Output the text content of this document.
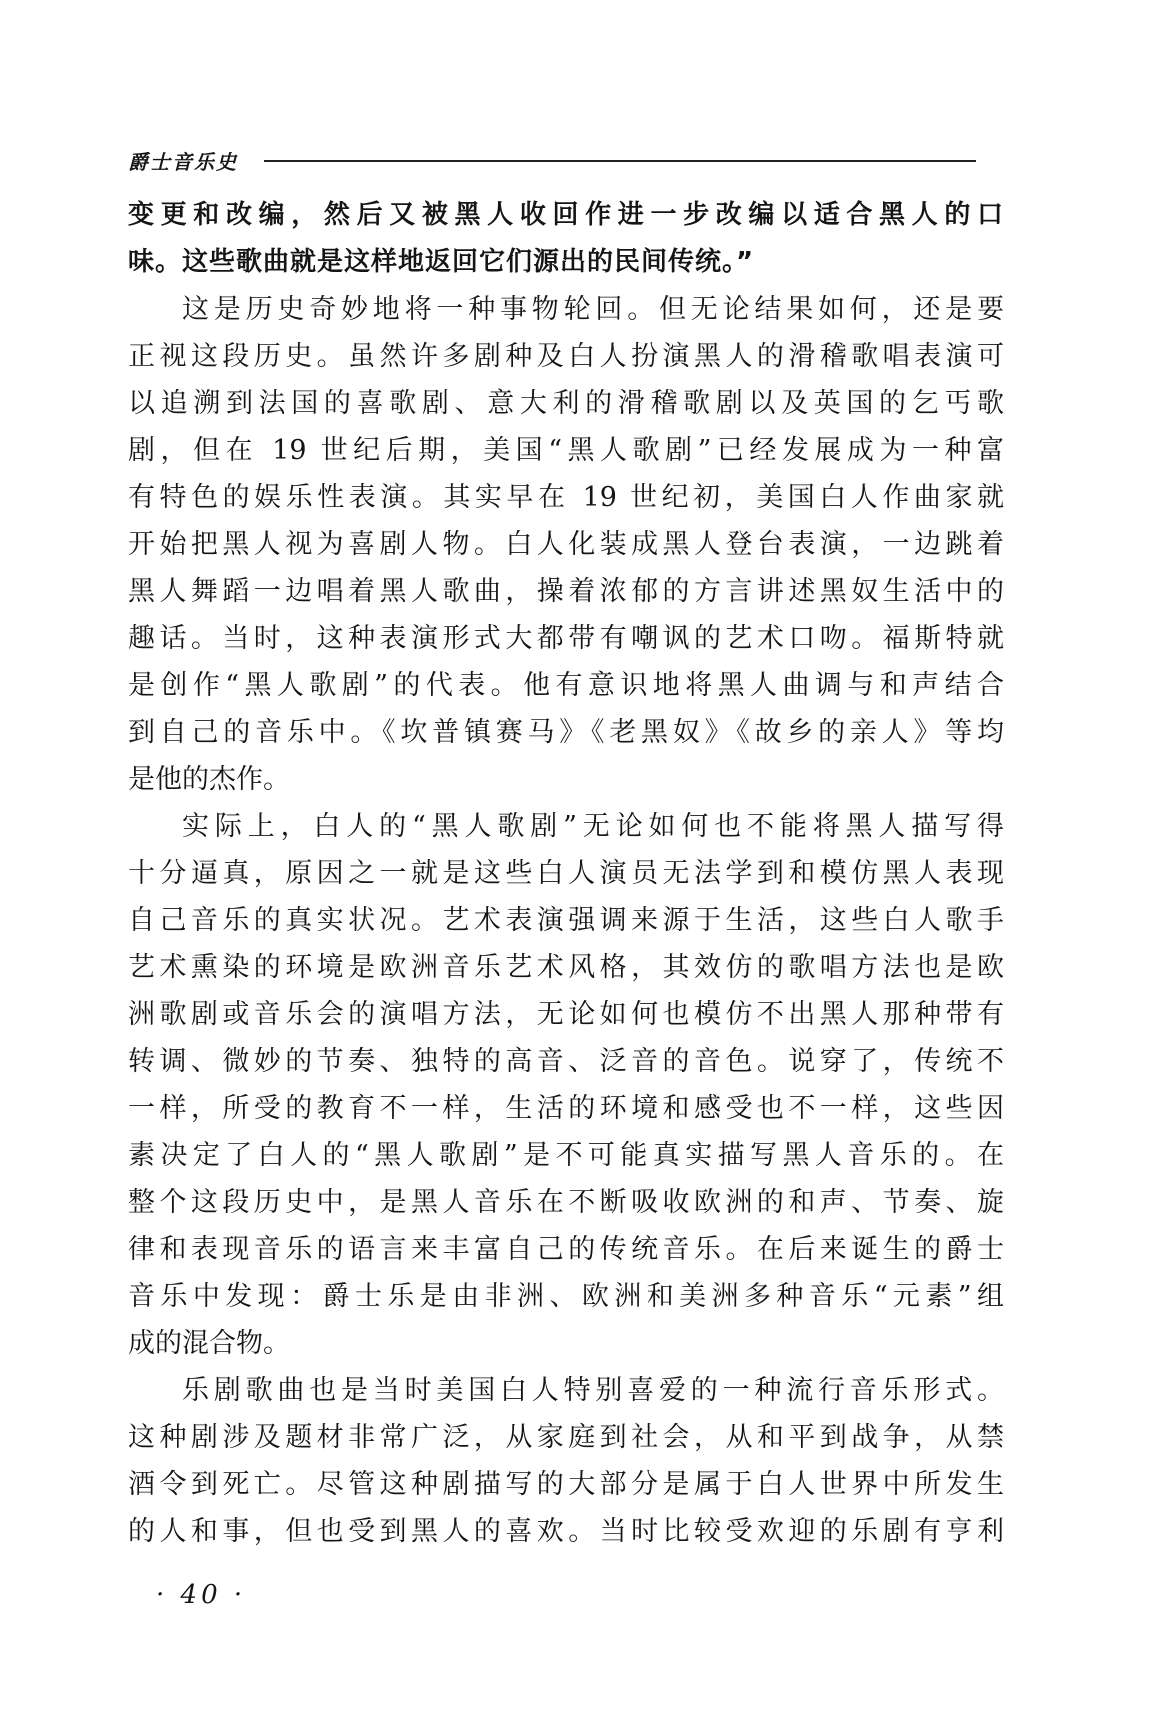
爵士音乐史
变更和改编，然后又被黑人收回作进一步改编以适合黑人的口
味。这些歌曲就是这样地返回它们源出的民间传统。”
这是历史奇妙地将一种事物轮回。但无论结果如何，还是要
正视这段历史。虽然许多剧种及白人扮演黑人的滑稽歌唱表演可
以追溯到法国的喜歌剧、意大利的滑稽歌剧以及英国的乞丐歌
剧，但在 19 世纪后期，美国“黑人歌剧”已经发展成为一种富
有特色的娱乐性表演。其实早在 19 世纪初，美国白人作曲家就
开始把黑人视为喜剧人物。白人化装成黑人登台表演，一边跳着
黑人舞蹈一边唱着黑人歌曲，操着浓郁的方言讲述黑奴生活中的
趣话。当时，这种表演形式大都带有嘲讽的艺术口吻。福斯特就
是创作“黑人歌剧”的代表。他有意识地将黑人曲调与和声结合
到自己的音乐中。《坎普镇赛马》《老黑奴》《故乡的亲人》等均
是他的杰作。
实际上，白人的“黑人歌剧”无论如何也不能将黑人描写得
十分逼真，原因之一就是这些白人演员无法学到和模仿黑人表现
自己音乐的真实状况。艺术表演强调来源于生活，这些白人歌手
艺术熏染的环境是欧洲音乐艺术风格，其效仿的歌唱方法也是欧
洲歌剧或音乐会的演唱方法，无论如何也模仿不出黑人那种带有
转调、微妙的节奏、独特的高音、泛音的音色。说穿了，传统不
一样，所受的教育不一样，生活的环境和感受也不一样，这些因
素决定了白人的“黑人歌剧”是不可能真实描写黑人音乐的。在
整个这段历史中，是黑人音乐在不断吸收欧洲的和声、节奏、旋
律和表现音乐的语言来丰富自己的传统音乐。在后来诞生的爵士
音乐中发现：爵士乐是由非洲、欧洲和美洲多种音乐“元素”组
成的混合物。
乐剧歌曲也是当时美国白人特别喜爱的一种流行音乐形式。
这种剧涉及题材非常广泛，从家庭到社会，从和平到战争，从禁
酒令到死亡。尽管这种剧描写的大部分是属于白人世界中所发生
的人和事，但也受到黑人的喜欢。当时比较受欢迎的乐剧有亨利
· 40 ·
